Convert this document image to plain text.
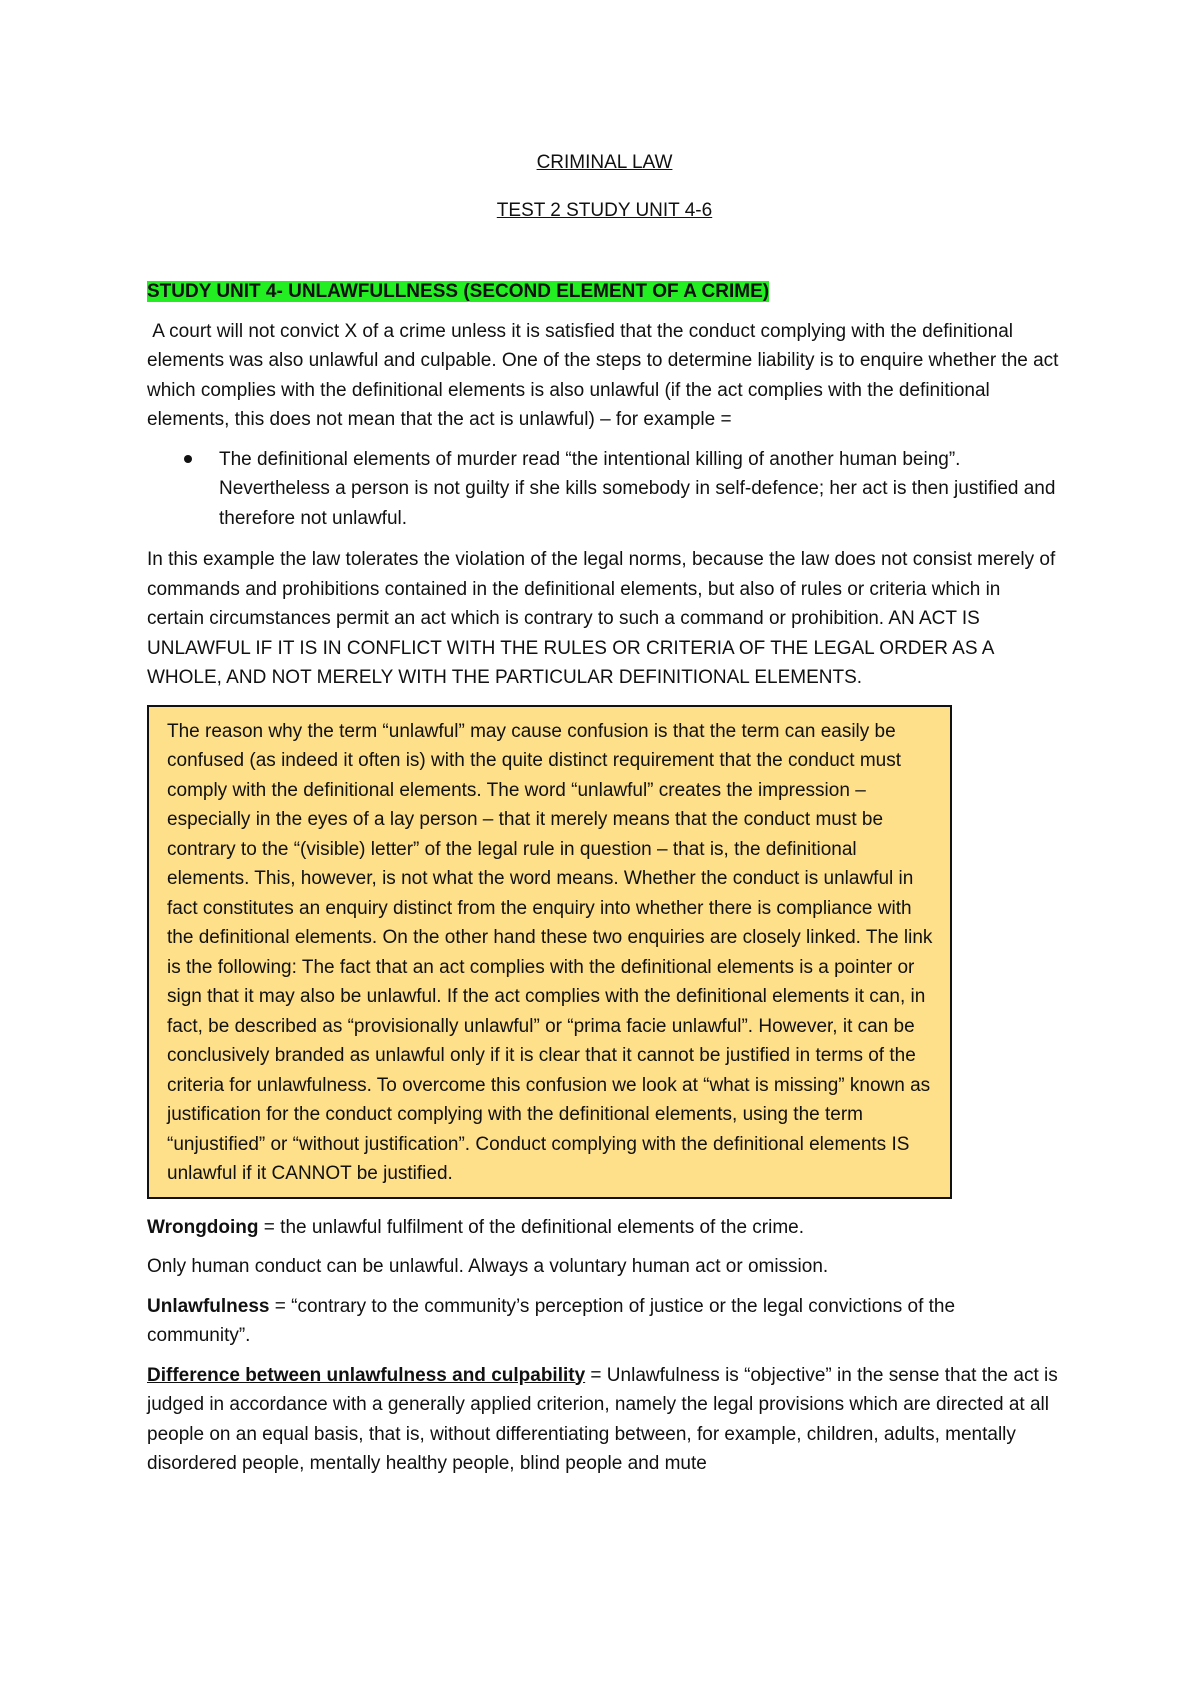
CRIMINAL LAW

TEST 2 STUDY UNIT 4-6

STUDY UNIT 4- UNLAWFULLNESS (SECOND ELEMENT OF A CRIME)

A court will not convict X of a crime unless it is satisfied that the conduct complying with the definitional elements was also unlawful and culpable. One of the steps to determine liability is to enquire whether the act which complies with the definitional elements is also unlawful (if the act complies with the definitional elements, this does not mean that the act is unlawful) – for example =

The definitional elements of murder read “the intentional killing of another human being”. Nevertheless a person is not guilty if she kills somebody in self-defence; her act is then justified and therefore not unlawful.

In this example the law tolerates the violation of the legal norms, because the law does not consist merely of commands and prohibitions contained in the definitional elements, but also of rules or criteria which in certain circumstances permit an act which is contrary to such a command or prohibition. AN ACT IS UNLAWFUL IF IT IS IN CONFLICT WITH THE RULES OR CRITERIA OF THE LEGAL ORDER AS A WHOLE, AND NOT MERELY WITH THE PARTICULAR DEFINITIONAL ELEMENTS.

The reason why the term “unlawful” may cause confusion is that the term can easily be confused (as indeed it often is) with the quite distinct requirement that the conduct must comply with the definitional elements. The word “unlawful” creates the impression – especially in the eyes of a lay person – that it merely means that the conduct must be contrary to the “(visible) letter” of the legal rule in question – that is, the definitional elements. This, however, is not what the word means. Whether the conduct is unlawful in fact constitutes an enquiry distinct from the enquiry into whether there is compliance with the definitional elements. On the other hand these two enquiries are closely linked. The link is the following: The fact that an act complies with the definitional elements is a pointer or sign that it may also be unlawful. If the act complies with the definitional elements it can, in fact, be described as “provisionally unlawful” or “prima facie unlawful”. However, it can be conclusively branded as unlawful only if it is clear that it cannot be justified in terms of the criteria for unlawfulness. To overcome this confusion we look at “what is missing” known as justification for the conduct complying with the definitional elements, using the term “unjustified” or “without justification”. Conduct complying with the definitional elements IS unlawful if it CANNOT be justified.

Wrongdoing = the unlawful fulfilment of the definitional elements of the crime.

Only human conduct can be unlawful. Always a voluntary human act or omission.

Unlawfulness = “contrary to the community’s perception of justice or the legal convictions of the community”.

Difference between unlawfulness and culpability = Unlawfulness is “objective” in the sense that the act is judged in accordance with a generally applied criterion, namely the legal provisions which are directed at all people on an equal basis, that is, without differentiating between, for example, children, adults, mentally disordered people, mentally healthy people, blind people and mute
